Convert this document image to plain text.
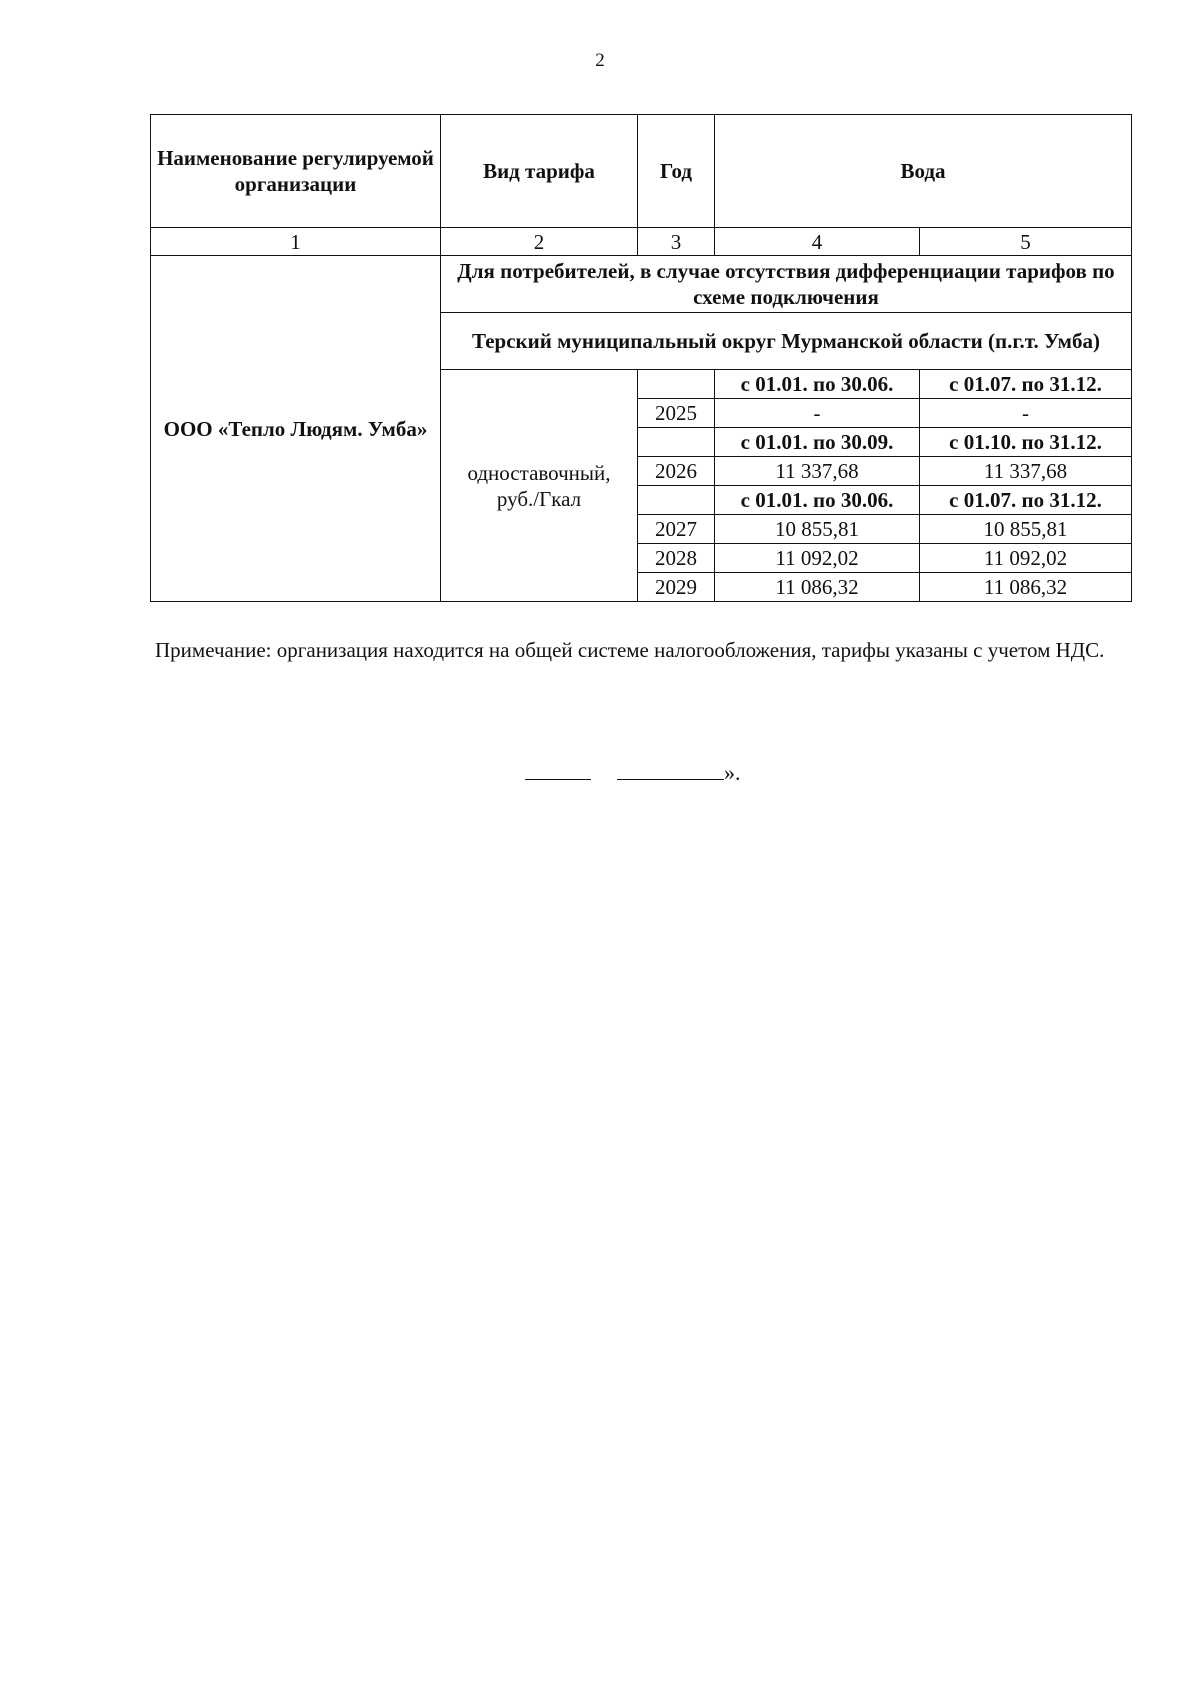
2
Наименование регулируемой организации	Вид тарифа	Год	Вода	
1	2	3	4	5
ООО «Тепло Людям. Умба»	Для потребителей, в случае отсутствия дифференциации тарифов по схеме подключения			
	Терский муниципальный округ Мурманской области (п.г.т. Умба)			
	одноставочный, руб./Гкал		с 01.01. по 30.06.	с 01.07. по 31.12.
		2025	-	-
			с 01.01. по 30.09.	с 01.10. по 31.12.
		2026	11 337,68	11 337,68
			с 01.01. по 30.06.	с 01.07. по 31.12.
		2027	10 855,81	10 855,81
		2028	11 092,02	11 092,02
		2029	11 086,32	11 086,32
Примечание: организация находится на общей системе налогообложения, тарифы указаны с учетом НДС.
».
